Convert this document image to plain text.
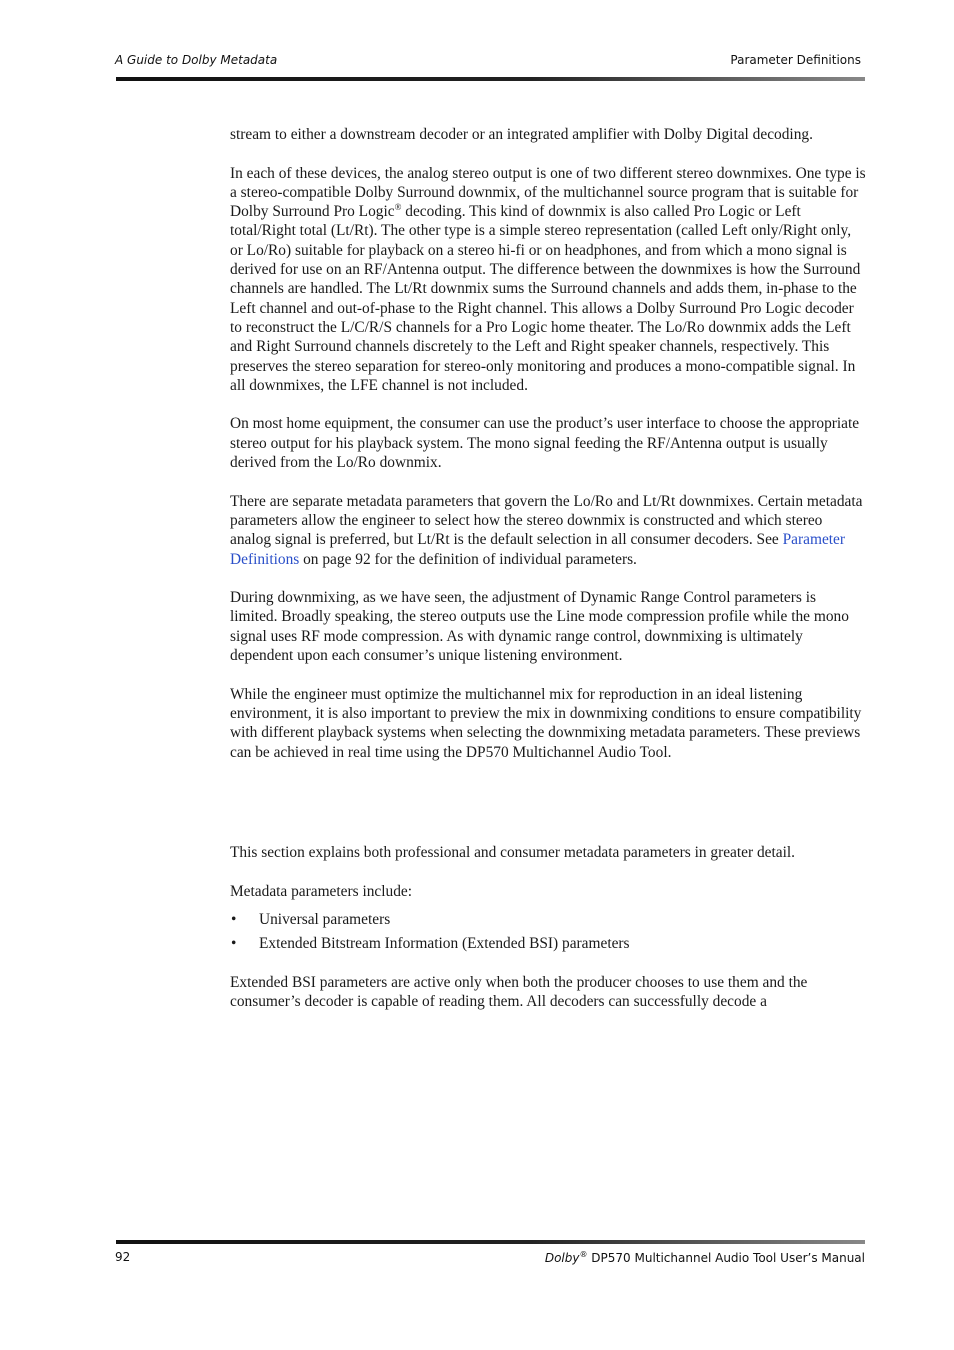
A Guide to Dolby Metadata	Parameter Definitions

stream to either a downstream decoder or an integrated amplifier with Dolby Digital decoding.

In each of these devices, the analog stereo output is one of two different stereo downmixes. One type is a stereo-compatible Dolby Surround downmix, of the multichannel source program that is suitable for Dolby Surround Pro Logic® decoding. This kind of downmix is also called Pro Logic or Left total/Right total (Lt/Rt). The other type is a simple stereo representation (called Left only/Right only, or Lo/Ro) suitable for playback on a stereo hi-fi or on headphones, and from which a mono signal is derived for use on an RF/Antenna output. The difference between the downmixes is how the Surround channels are handled. The Lt/Rt downmix sums the Surround channels and adds them, in-phase to the Left channel and out-of-phase to the Right channel. This allows a Dolby Surround Pro Logic decoder to reconstruct the L/C/R/S channels for a Pro Logic home theater. The Lo/Ro downmix adds the Left and Right Surround channels discretely to the Left and Right speaker channels, respectively. This preserves the stereo separation for stereo-only monitoring and produces a mono-compatible signal. In all downmixes, the LFE channel is not included.

On most home equipment, the consumer can use the product’s user interface to choose the appropriate stereo output for his playback system. The mono signal feeding the RF/Antenna output is usually derived from the Lo/Ro downmix.

There are separate metadata parameters that govern the Lo/Ro and Lt/Rt downmixes. Certain metadata parameters allow the engineer to select how the stereo downmix is constructed and which stereo analog signal is preferred, but Lt/Rt is the default selection in all consumer decoders. See Parameter Definitions on page 92 for the definition of individual parameters.

During downmixing, as we have seen, the adjustment of Dynamic Range Control parameters is limited. Broadly speaking, the stereo outputs use the Line mode compression profile while the mono signal uses RF mode compression. As with dynamic range control, downmixing is ultimately dependent upon each consumer’s unique listening environment.

While the engineer must optimize the multichannel mix for reproduction in an ideal listening environment, it is also important to preview the mix in downmixing conditions to ensure compatibility with different playback systems when selecting the downmixing metadata parameters. These previews can be achieved in real time using the DP570 Multichannel Audio Tool.

This section explains both professional and consumer metadata parameters in greater detail.

Metadata parameters include:

• Universal parameters
• Extended Bitstream Information (Extended BSI) parameters

Extended BSI parameters are active only when both the producer chooses to use them and the consumer’s decoder is capable of reading them. All decoders can successfully decode a

92	Dolby® DP570 Multichannel Audio Tool User’s Manual
